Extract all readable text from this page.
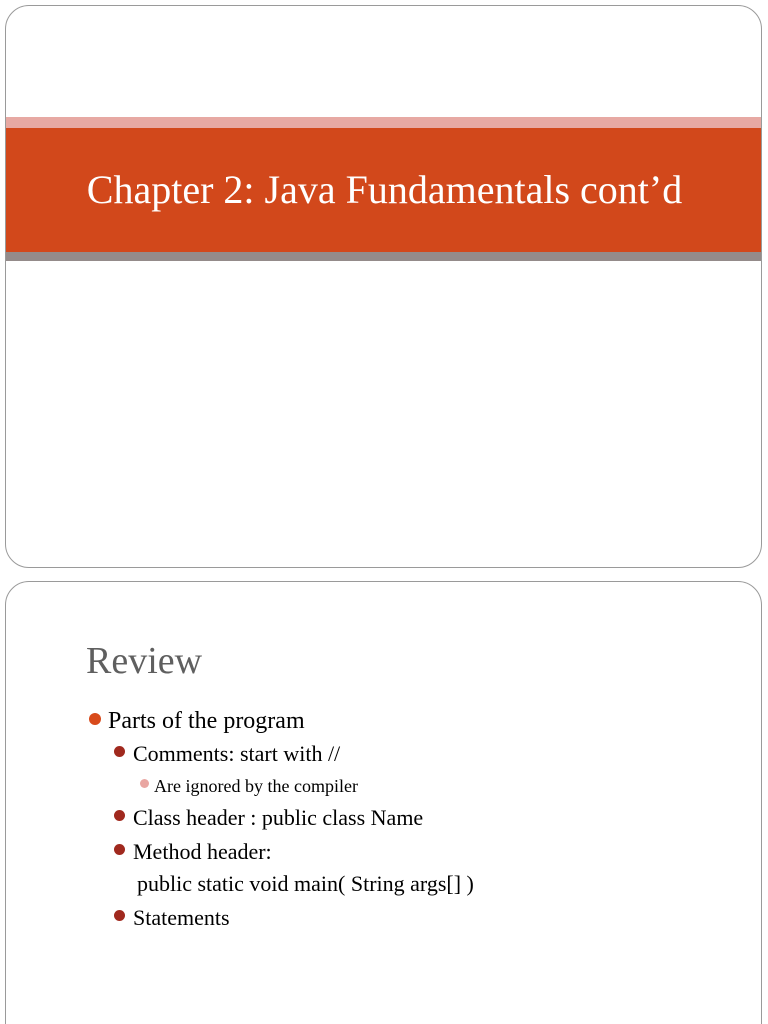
Chapter 2: Java Fundamentals cont’d
Review
Parts of the program
Comments: start with //
Are ignored by the compiler
Class header : public class Name
Method header:
public static void main( String args[] )
Statements
